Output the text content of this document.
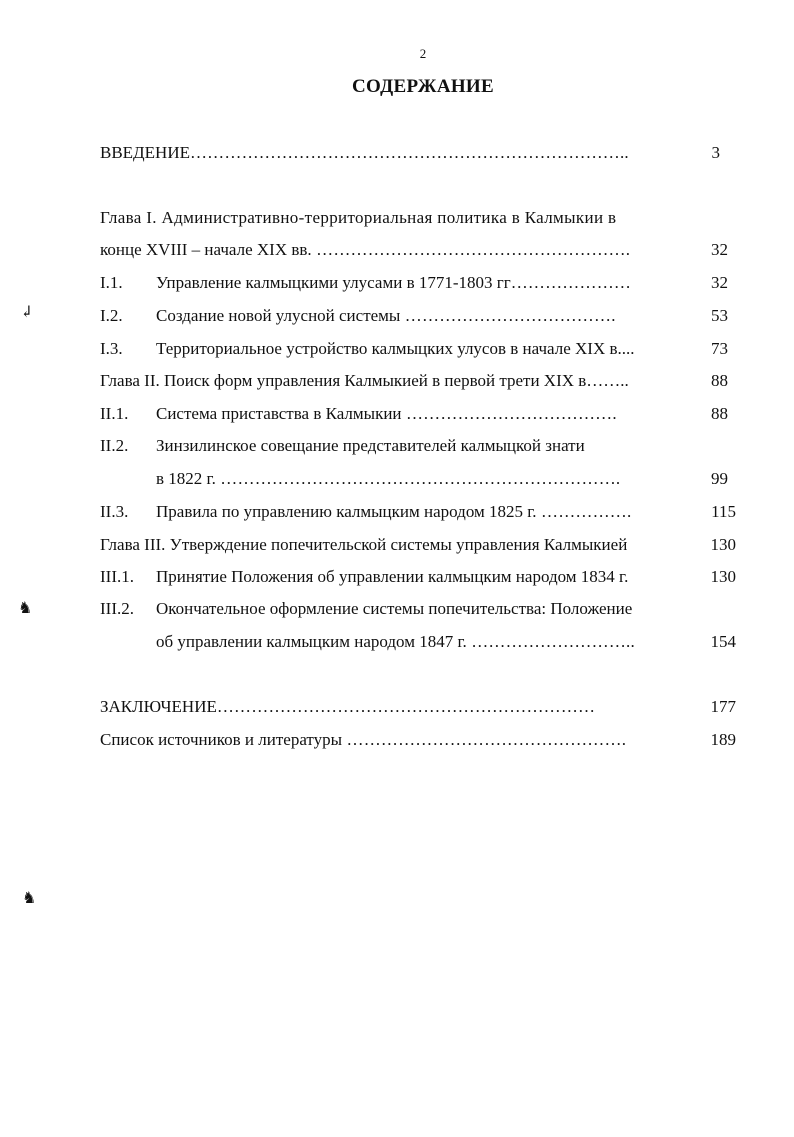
2
СОДЕРЖАНИЕ
ВВЕДЕНИЕ…………………………………………………………………..	3
Глава I. Административно-территориальная политика в Калмыкии в
конце XVIII – начале XIX вв. ……………………………………………….	32
I.1. Управление калмыцкими улусами в 1771-1803 гг…………………	32
I.2. Создание новой улусной системы ……………………………….	53
I.3. Территориальное устройство калмыцких улусов в начале XIX в....	73
Глава II. Поиск форм управления Калмыкией в первой трети XIX в……..	88
II.1. Система приставства в Калмыкии ……………………………….	88
II.2. Зинзилинское совещание представителей калмыцкой знати
в 1822 г. …………………………………………………………….	99
II.3. Правила по управлению калмыцким народом 1825 г. …………….	115
Глава III. Утверждение попечительской системы управления Калмыкией	130
III.1. Принятие Положения об управлении калмыцким народом 1834 г.	130
III.2. Окончательное оформление системы попечительства: Положение
об управлении калмыцким народом 1847 г. ………………………..	154
ЗАКЛЮЧЕНИЕ…………………………………………………………	177
Список источников и литературы ………………………………………….	189
↲
♞
♞
